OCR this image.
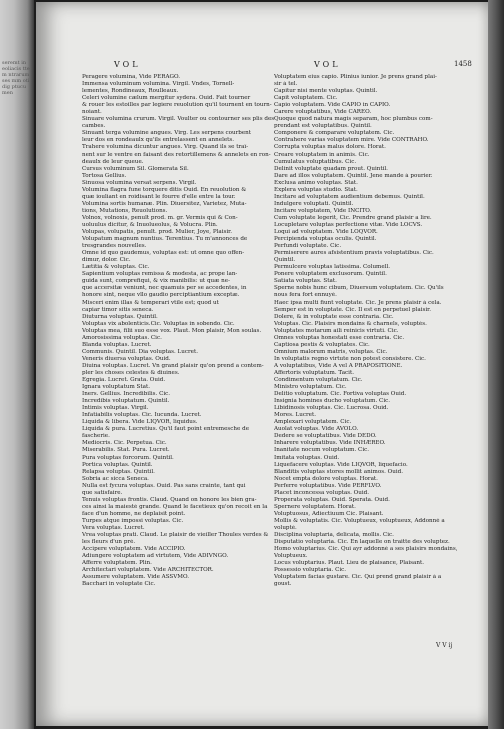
seremt in eoliacis ttem ntrarum ses mm otidig ptucumen
VOL	VOL	1458
Peragere volumina, Vide PERAGO.
Immensa voluminum volumina. Virgil. Vndes, Tornell-
lementes, Rondineaux, Roulleaux.
Celeri volumine cælum mergitur sydera. Ouid. Fait tourner
& rouer les estoilles par legiere reuolution qu'il tournent en tourn-
noiant.
Sinuare volumina crurum. Virgil. Voulter ou contourner ses plis des
cambes.
Sinuant terga volumine angues. Virg. Les serpens courbent
leur dos en rondeaulx qu'ils entrelassent en annelets.
Trahere volumina dicuntur angues. Virg. Quand ils se traî-
nent sur le ventre en faisant des retortillemens & annelets en ron-
deaulx de leur queue.
Cursus voluminum Sil. Glomerata Sil.
Tortosa Gellius.
Sinuosa volumina versat serpens. Virgil.
Volumina flagra fune torquere ditis Ouid. En reuolution &
quæ iouliant en roidisant le fourre d'elle entre la tour.
Volumina sortis humanæ. Plin. Diuersitez, Varietez, Muta-
tions, Mutations, Reuolutions.
Volnox, volnoxis, penult prod. m. gr. Vermis qui & Con-
uoluulus dicitur, & Inuolueolus, & Volucra. Plin.
Volupas, volupatis, penult. prod. Mulier, Joye, Plaisir.
Volupatum magnum nuntius. Terentius. Tu m'annonces de
tresgrandes nouvelles.
Omne id quo gaudemus, voluptas est: ut omne quo offen-
dimur, dolor. Cic.
Lætitia & voluptas. Cic.
Sapientium voluptas remissa & modesta, ac prope lan-
guida sunt, comprefiqui, & vix manibilis: ut quæ ne-
que accersitæ veniunt, nec quamuis per se accedentes, in
honore sint, neque vllo gaudio perciptiantium exceptæ.
Misceri enim illas & temperari vtile est; quod ut
capiar timor sitis seneca.
Diuturna voluptas. Quintil.
Voluptas vix abolenticis.Cic. Voluptas in sobendo. Cic.
Voluptas mea, filii suo esse vox. Plaut. Mon plaisir, Mon soulas.
Amorosissima voluptas. Cic.
Blanda voluptas. Lucret.
Communis. Quintil. Dia voluptas. Lucret.
Veneris diuersa voluptas. Ouid.
Diuina voluptas. Lucret. Vn grand plaisir qu'on prend a contem-
pler les choses celestes & diuines.
Egregia. Lucret. Grata. Ouid.
Ignara voluptatum Stat.
Iners. Gellius. Incredibilis. Cic.
Incredibis voluptatum. Quintil.
Intimis voluptas. Virgil.
Infatiabilis voluptas. Cic. Iucunda. Lucret.
Liquida & libera. Vide LIQVOR, liquidus.
Liquida & pura. Lucretius. Qu'il faut point entremesche de
fascherie.
Mediocris. Cic. Perpetua. Cic.
Miserabilis. Stat. Pura. Lucret.
Pura voluptas forcorum. Quintil.
Portica voluptas. Quintil.
Relapsa voluptas. Quintil.
Sobria ac sicca Seneca.
Nulla est fycura voluptas. Ouid. Pas sans crainte, tant qui
que satisfaire.
Tenuis voluptas frontis. Claud. Quand on honore les bien gra-
ces ainsi la maiesté grande. Quand le facetieux qu'on recoit en la
face d'un homme, ne deplaisit point.
Turpes atque impossi voluptas. Cic.
Vera voluptas. Lucret.
Vrea voluptas prati. Claud. Le plaisir de vieiller Thoules verdes &
les fleurs d'un pré.
Accipere voluptatem. Vide ACCIPIO.
Adiungere voluptatem ad virtutem, Vide ADIVNGO.
Afferre voluptatem. Plin.
Architectari voluptatem. Vide ARCHITECTOR.
Assumere voluptatem. Vide ASSVMO.
Bacchari in voluptate Cic.
Voluptatem eius capio. Plinius iunior. Je prens grand plai-
sir à tel.
Capitur nisi mente voluptas. Quintil.
Capit voluptatem. Cic.
Capio voluptatem. Vide CAPIO in CAPIO.
Carere voluptatibus, Vide CAREO.
Quoque quod natura magis separam, hoc plumbus com-
prendant est voluptatibus. Quintil.
Componere & comparare voluptatem. Cic.
Contrahere varias voluptatem mire. Vide CONTRAHO.
Corrupta voluptas malus dolore. Horat.
Creare voluptatem in animis. Cic.
Cumulatus voluptatibus. Cic.
Delinit voluptate quadam prout. Quintil.
Dare ad illos voluptatem. Quintil. Jene mande à pourier.
Exclusa animo voluptas. Stat.
Explera voluptas studio. Stat.
Incitare ad voluptatem audientium debemus. Quintil.
Indulgere voluptati. Quintil.
Incitare voluptatem, Vide INCITO.
Cum voluptate legerit, Cic. Prendre grand plaisir a lire.
Locupletare voluptas perfectione vitæ. Vide LOCVS.
Loqui ad voluptatem. Vide LOQVOR.
Percipienda voluptas oculis. Quintil.
Perfundi voluptate. Cic.
Permiserere aures afsistentium pravis voluptatibus. Cic.
Quintil.
Permulcere voluptas latissima. Columell.
Ponere voluptatem exclusorum. Quintil.
Satiata voluptas. Stat.
Sperne nobis hunc cibum, Diuersum voluptatem. Cic. Qu'ils
nous fera fort ennuyé.
Haec ipsa multi fiunt voluptate. Cic. Je prens plaisir à cela.
Semper est in voluptate. Cic. Il est en perpetuel plaisir.
Dolere, & in voluptate esse contraria. Cic.
Voluptas. Cic. Plaisirs mondains & charnels, voluptés.
Voluptates motarum aili reinicis virtuti. Cic.
Omnes voluptas honestati esse contraria. Cic.
Captiosa pestis & voluptates. Cic.
Omnium malorum matris, voluptas. Cic.
In voluptatis regno virtute non potest consistere. Cic.
A voluptatibus, Vide A vel A PRAPOSITIONE.
Affertoris voluptatum. Tacit.
Condimentum voluptatum. Cic.
Ministro voluptatum. Cic.
Delitio voluptatum. Cic. Fortiva voluptas Ouid.
Insignia homines ducho voluptatum. Cic.
Libidinosis voluptas. Cic. Lucrosa. Ouid.
Mores. Lucret.
Amplexari voluptatem. Cic.
Auolat voluptas. Vide AVOLO.
Dedere se voluptatibus. Vide DEDO.
Inharere voluptatibus. Vide INHÆREO.
Inanitate nocum voluptatum. Cic.
Imitata voluptas. Ouid.
Liquefacere voluptas. Vide LIQVOR, liquefacio.
Blanditis voluptas stores mollit animos. Ouid.
Nocet empta dolore voluptas. Horat.
Perferre voluptatibus. Vide PERFLVO.
Placet inconcessa voluptas. Ouid.
Properata voluptas. Ouid. Sperata. Ouid.
Spernere voluptatem. Horat.
Voluptuosus, Adiectiuum Cic. Plaisant.
Mollis & voluptatis. Cic. Voluptueux, voluptueux, Addonné a
volupté.
Disciplina voluptaria, delicata, mollis. Cic.
Disputatio voluptaria. Cic. En laquelle on traitte des voluptez.
Homo voluptarius. Cic. Qui ayr addonné a ses plaisirs mondains,
Voluptueux.
Locus voluptarius. Plaut. Lieu de plaisance, Plaisant.
Possessio voluptaria. Cic.
Voluptatem facias gustare. Cic. Qui prend grand plaisir à a
goust.
V V ij
